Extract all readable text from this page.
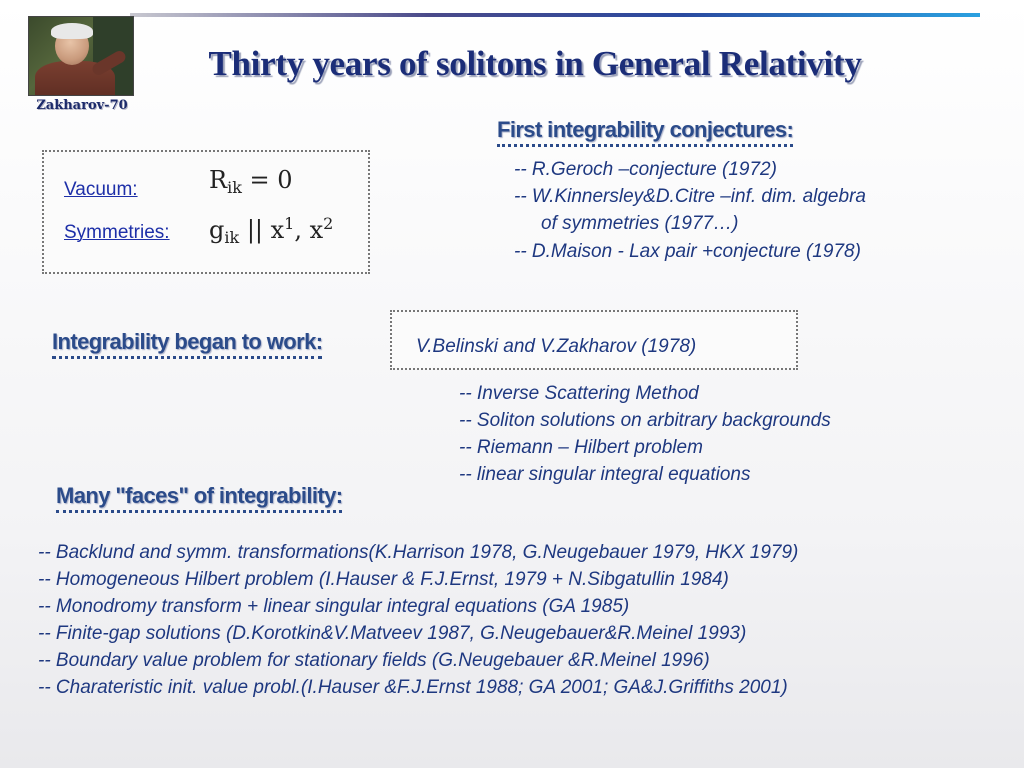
Zakharov-70
Thirty years of solitons in General Relativity
Vacuum:	$R_{ik} = 0$
Symmetries: $g_{ik}$ || $x^1$, $x^2$
First integrability conjectures:
-- R.Geroch –conjecture (1972)
-- W.Kinnersley&D.Citre –inf. dim. algebra
of symmetries (1977…)
-- D.Maison - Lax pair +conjecture (1978)
Integrability began to work:	V.Belinski and V.Zakharov (1978)
-- Inverse Scattering Method
-- Soliton solutions on arbitrary backgrounds
-- Riemann – Hilbert problem
-- linear singular integral equations
Many "faces" of integrability:
-- Backlund and symm. transformations(K.Harrison 1978, G.Neugebauer 1979, HKX 1979)
-- Homogeneous Hilbert problem (I.Hauser & F.J.Ernst, 1979 + N.Sibgatullin 1984)
-- Monodromy transform + linear singular integral equations (GA 1985)
-- Finite-gap solutions (D.Korotkin&V.Matveev 1987, G.Neugebauer&R.Meinel 1993)
-- Boundary value problem for stationary fields (G.Neugebauer &R.Meinel 1996)
-- Charateristic init. value probl.(I.Hauser &F.J.Ernst 1988; GA 2001; GA&J.Griffiths 2001)
